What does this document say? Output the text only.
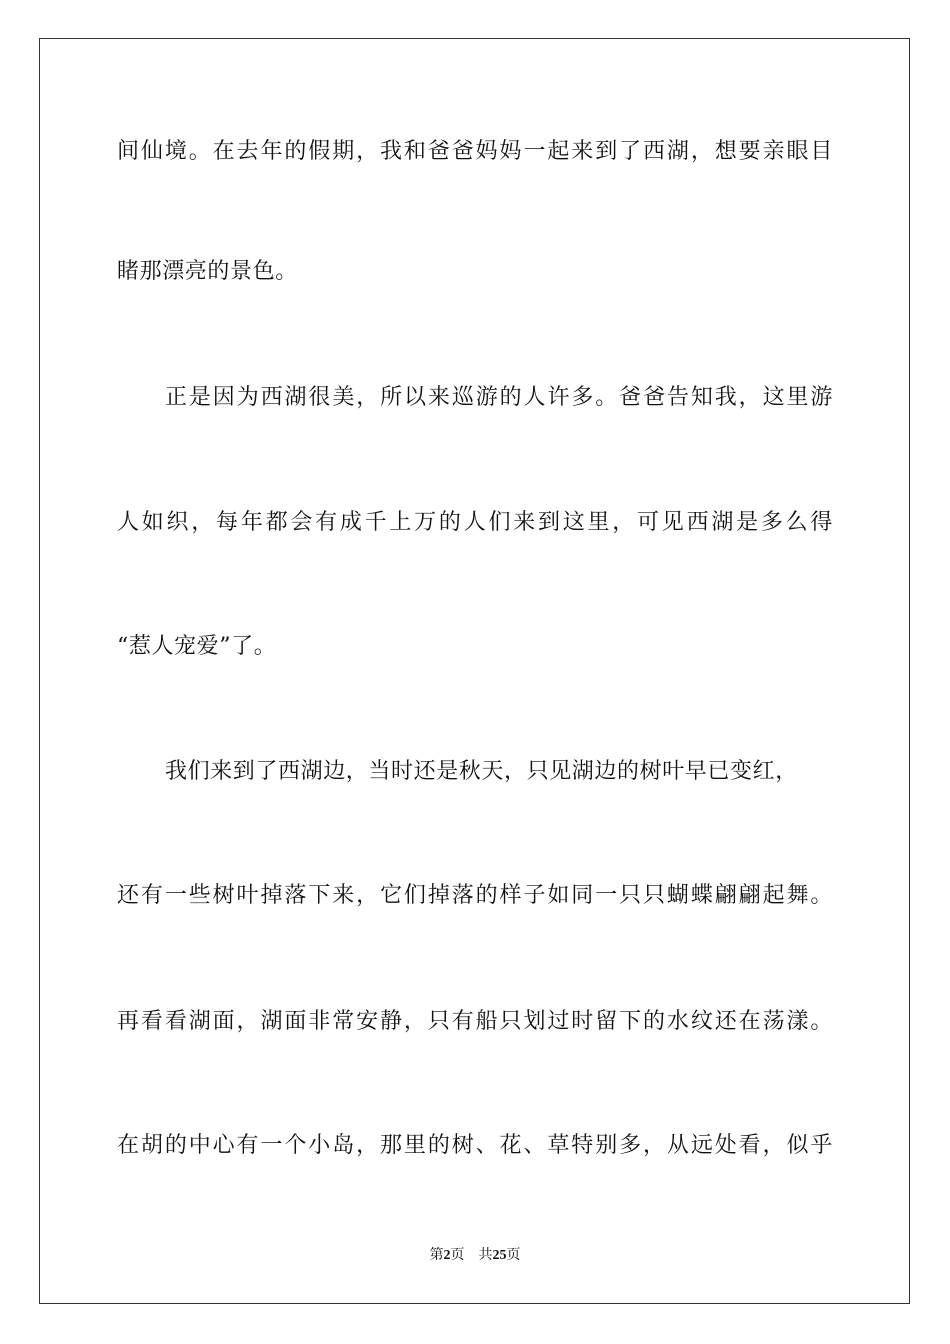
间仙境。在去年的假期，我和爸爸妈妈一起来到了西湖，想要亲眼目
睹那漂亮的景色。
正是因为西湖很美，所以来巡游的人许多。爸爸告知我，这里游
人如织，每年都会有成千上万的人们来到这里，可见西湖是多么得
“惹人宠爱”了。
我们来到了西湖边，当时还是秋天，只见湖边的树叶早已变红，
还有一些树叶掉落下来，它们掉落的样子如同一只只蝴蝶翩翩起舞。
再看看湖面，湖面非常安静，只有船只划过时留下的水纹还在荡漾。
在胡的中心有一个小岛，那里的树、花、草特别多，从远处看，似乎
第2页 共25页
